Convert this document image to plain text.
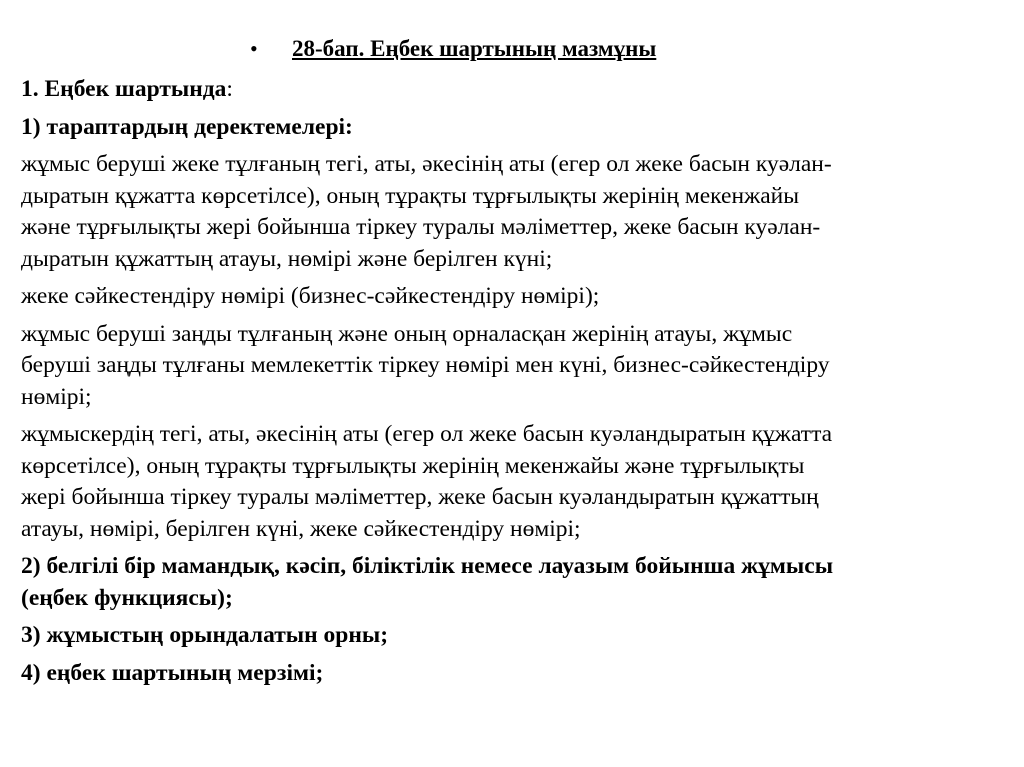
• 28-бап. Еңбек шартының мазмұны

1. Еңбек шартында:

1) тараптардың деректемелері:

жұмыс беруші жеке тұлғаның тегі, аты, әкесінің аты (егер ол жеке басын куәлан-
дыратын құжатта көрсетілсе), оның тұрақты тұрғылықты жерінің мекенжайы
және тұрғылықты жері бойынша тіркеу туралы мәліметтер, жеке басын куәлан-
дыратын құжаттың атауы, нөмірі және берілген күні;

жеке сәйкестендіру нөмірі (бизнес-сәйкестендіру нөмірі);

жұмыс беруші заңды тұлғаның және оның орналасқан жерінің атауы, жұмыс
беруші заңды тұлғаны мемлекеттік тіркеу нөмірі мен күні, бизнес-сәйкестендіру
нөмірі;

жұмыскердің тегі, аты, әкесінің аты (егер ол жеке басын куәландыратын құжатта
көрсетілсе), оның тұрақты тұрғылықты жерінің мекенжайы және тұрғылықты
жері бойынша тіркеу туралы мәліметтер, жеке басын куәландыратын құжаттың
атауы, нөмірі, берілген күні, жеке сәйкестендіру нөмірі;

2) белгілі бір мамандық, кәсіп, біліктілік немесе лауазым бойынша жұмысы
(еңбек функциясы);

3) жұмыстың орындалатын орны;

4) еңбек шартының мерзімі;
